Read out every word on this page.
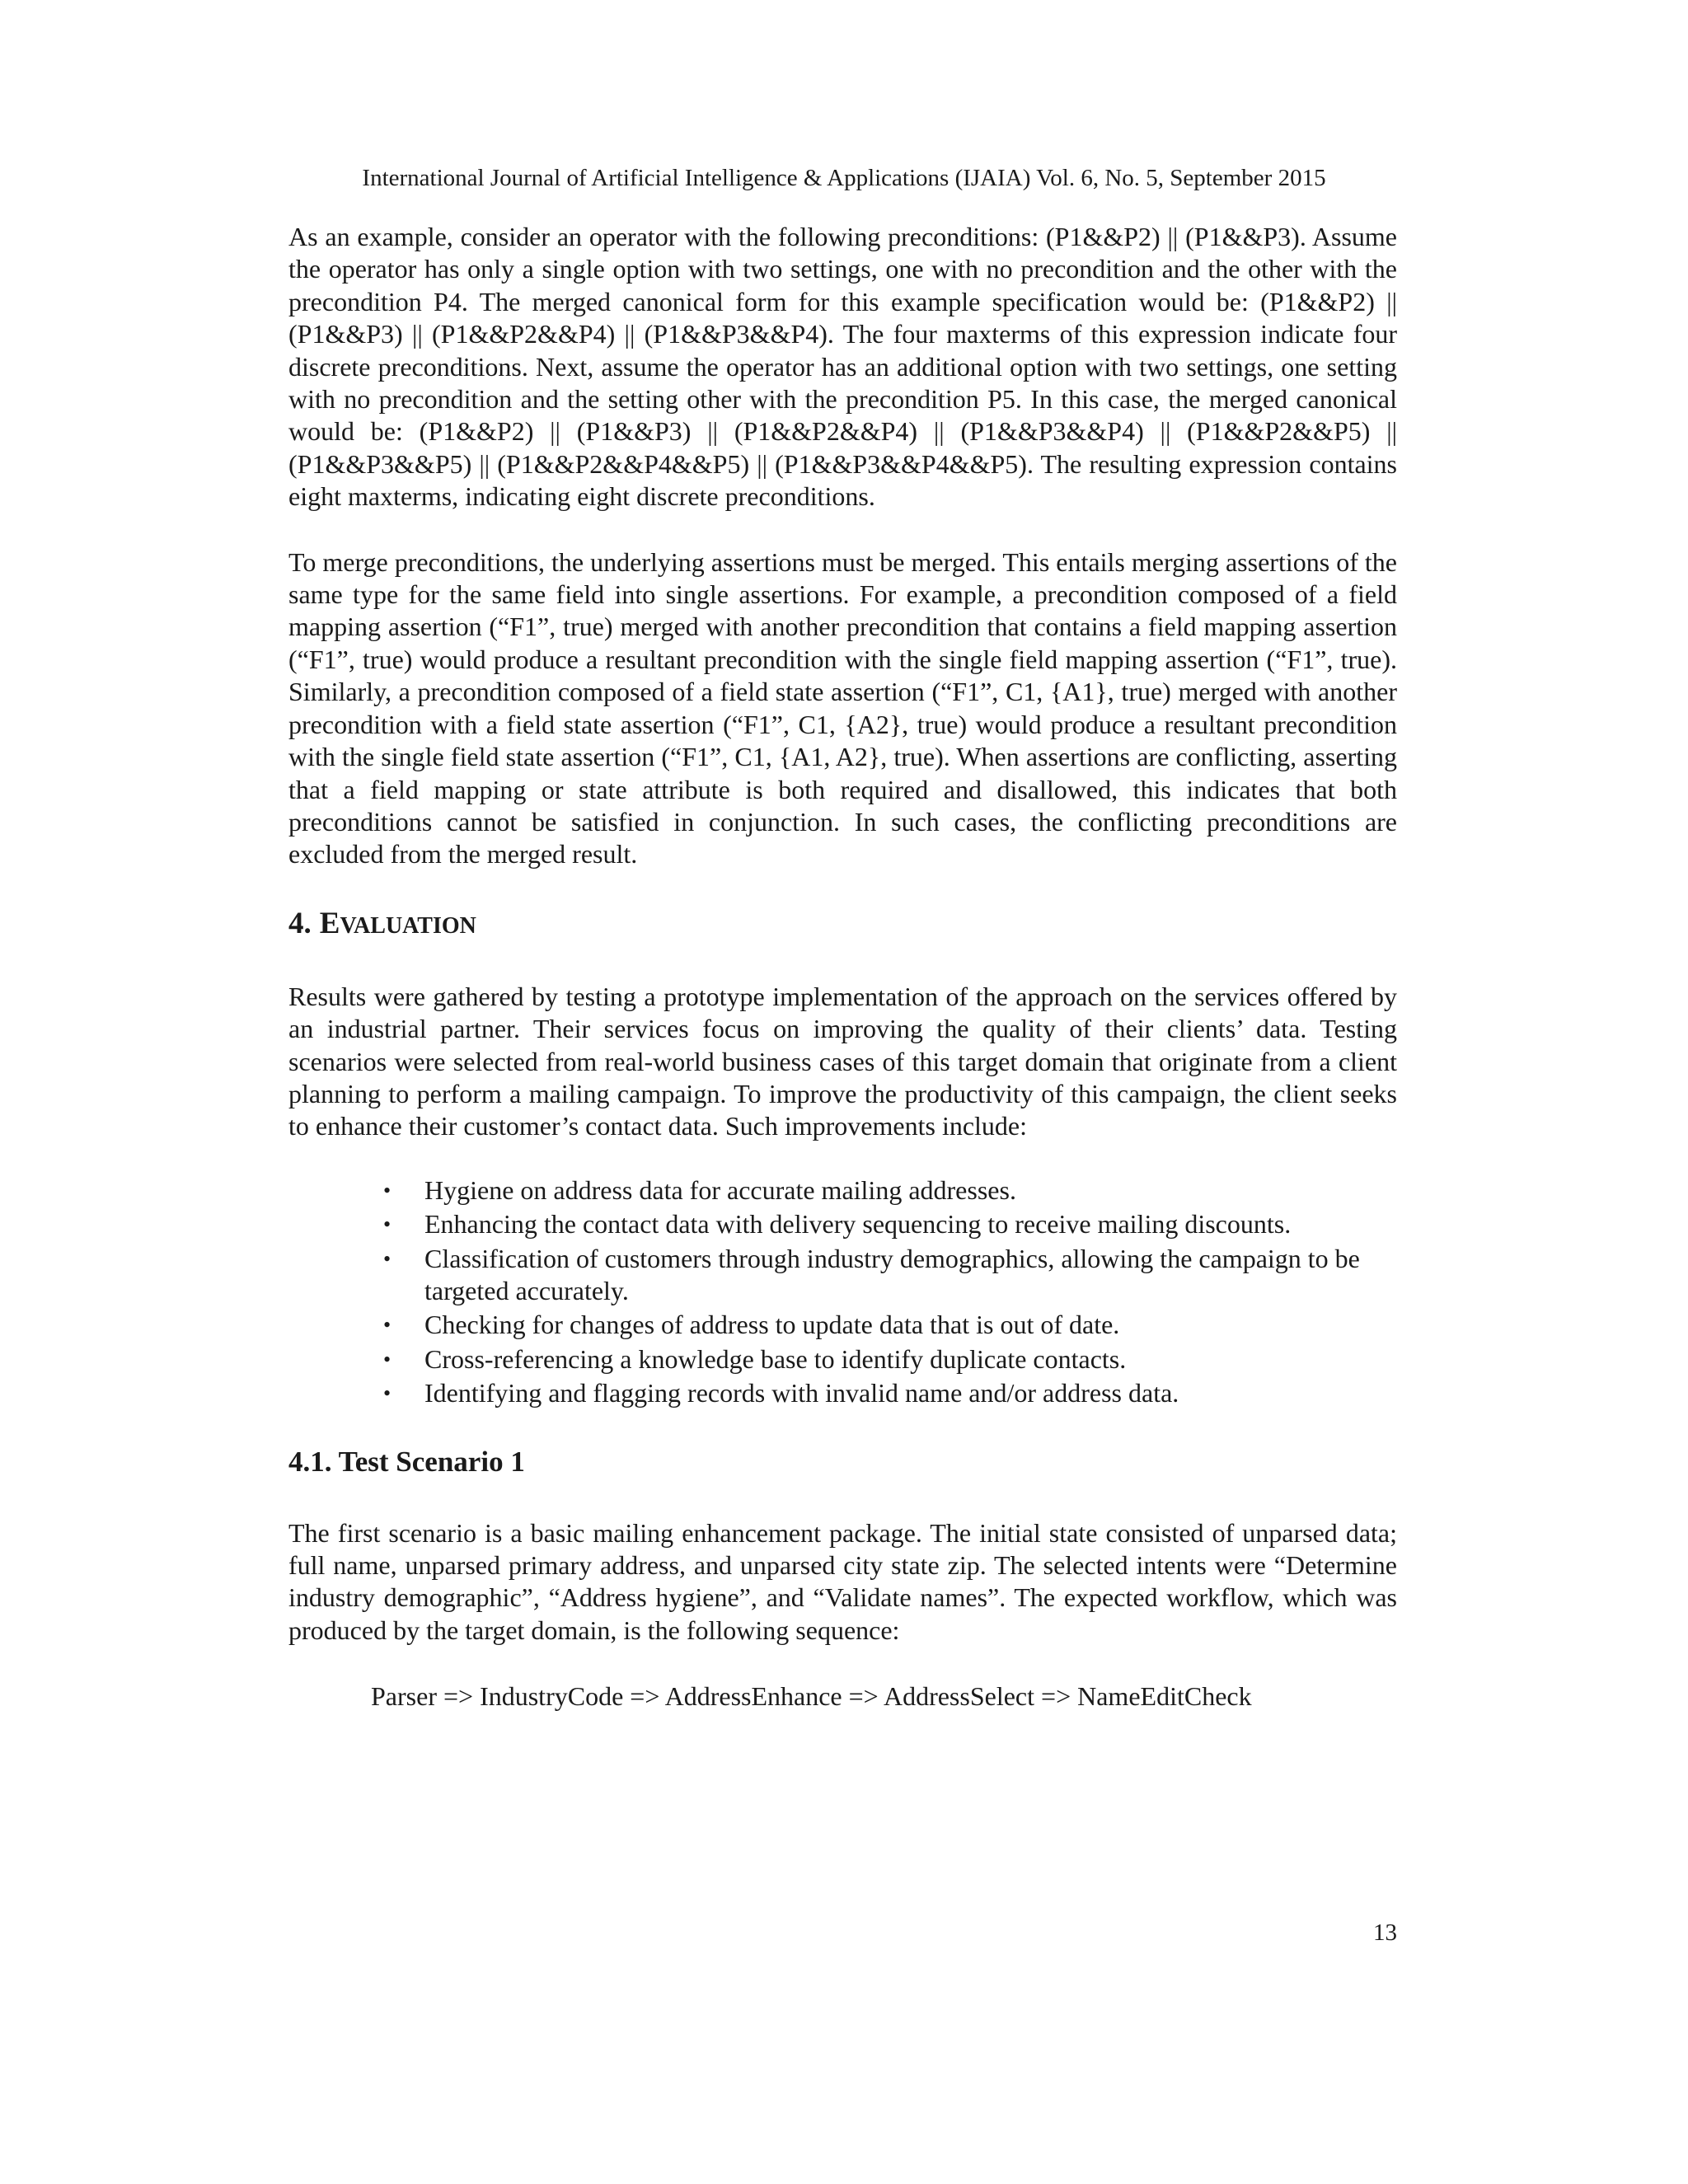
International Journal of Artificial Intelligence & Applications (IJAIA) Vol. 6, No. 5, September 2015

As an example, consider an operator with the following preconditions: (P1&&P2) || (P1&&P3). Assume the operator has only a single option with two settings, one with no precondition and the other with the precondition P4. The merged canonical form for this example specification would be: (P1&&P2) || (P1&&P3) || (P1&&P2&&P4) || (P1&&P3&&P4). The four maxterms of this expression indicate four discrete preconditions. Next, assume the operator has an additional option with two settings, one setting with no precondition and the setting other with the precondition P5. In this case, the merged canonical would be: (P1&&P2) || (P1&&P3) || (P1&&P2&&P4) || (P1&&P3&&P4) || (P1&&P2&&P5) || (P1&&P3&&P5) || (P1&&P2&&P4&&P5) || (P1&&P3&&P4&&P5). The resulting expression contains eight maxterms, indicating eight discrete preconditions.

To merge preconditions, the underlying assertions must be merged. This entails merging assertions of the same type for the same field into single assertions. For example, a precondition composed of a field mapping assertion (“F1”, true) merged with another precondition that contains a field mapping assertion (“F1”, true) would produce a resultant precondition with the single field mapping assertion (“F1”, true). Similarly, a precondition composed of a field state assertion (“F1”, C1, {A1}, true) merged with another precondition with a field state assertion (“F1”, C1, {A2}, true) would produce a resultant precondition with the single field state assertion (“F1”, C1, {A1, A2}, true). When assertions are conflicting, asserting that a field mapping or state attribute is both required and disallowed, this indicates that both preconditions cannot be satisfied in conjunction. In such cases, the conflicting preconditions are excluded from the merged result.

4. EVALUATION

Results were gathered by testing a prototype implementation of the approach on the services offered by an industrial partner. Their services focus on improving the quality of their clients’ data. Testing scenarios were selected from real-world business cases of this target domain that originate from a client planning to perform a mailing campaign. To improve the productivity of this campaign, the client seeks to enhance their customer’s contact data. Such improvements include:

• Hygiene on address data for accurate mailing addresses.
• Enhancing the contact data with delivery sequencing to receive mailing discounts.
• Classification of customers through industry demographics, allowing the campaign to be targeted accurately.
• Checking for changes of address to update data that is out of date.
• Cross-referencing a knowledge base to identify duplicate contacts.
• Identifying and flagging records with invalid name and/or address data.
4.1. Test Scenario 1

The first scenario is a basic mailing enhancement package. The initial state consisted of unparsed data; full name, unparsed primary address, and unparsed city state zip. The selected intents were “Determine industry demographic”, “Address hygiene”, and “Validate names”. The expected workflow, which was produced by the target domain, is the following sequence:

Parser => IndustryCode => AddressEnhance => AddressSelect => NameEditCheck
13
